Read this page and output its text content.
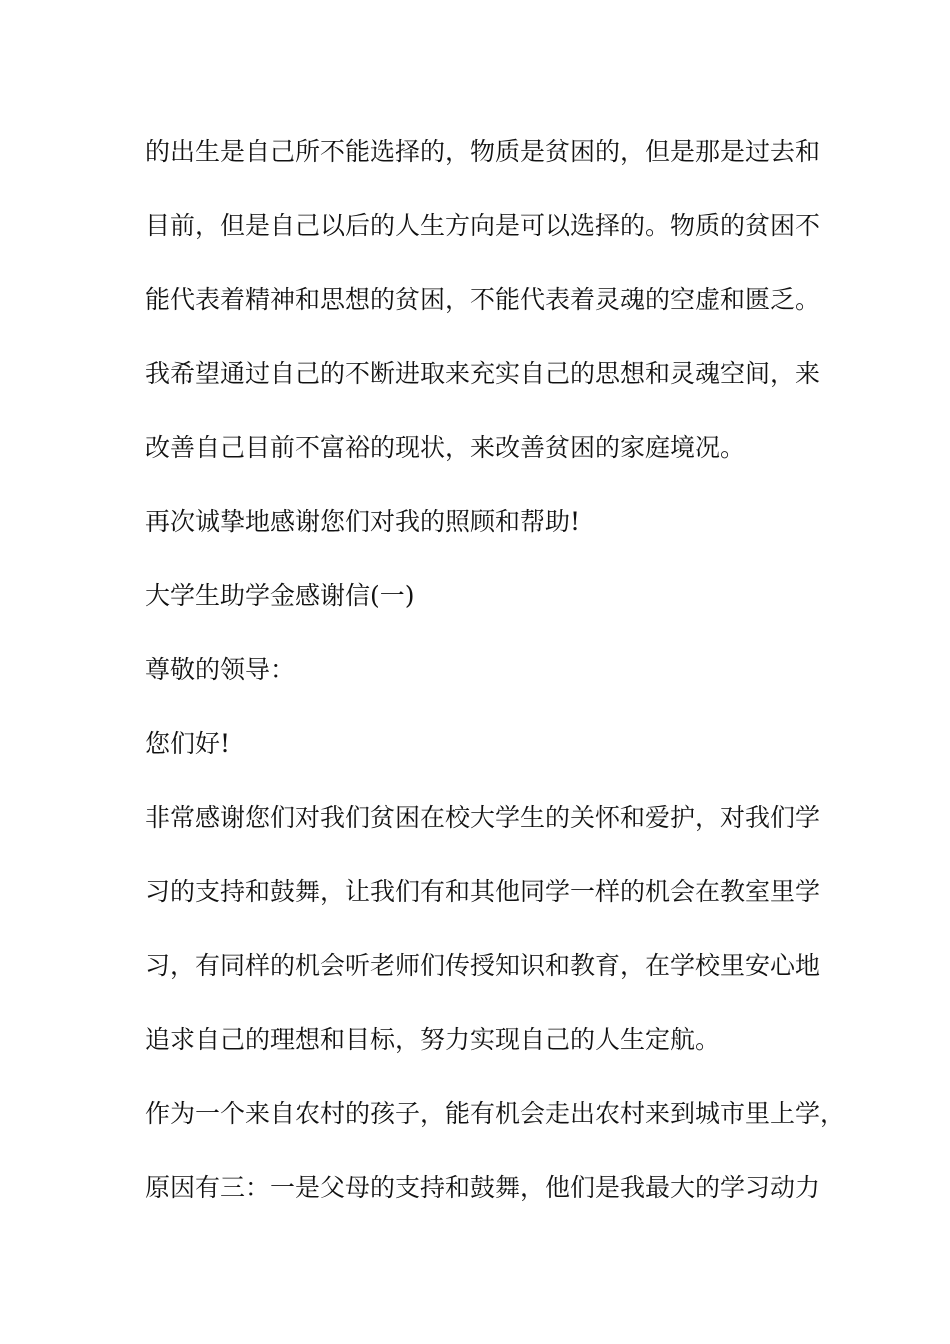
的出生是自己所不能选择的，物质是贫困的，但是那是过去和
目前，但是自己以后的人生方向是可以选择的。物质的贫困不
能代表着精神和思想的贫困，不能代表着灵魂的空虚和匮乏。
我希望通过自己的不断进取来充实自己的思想和灵魂空间，来
改善自己目前不富裕的现状，来改善贫困的家庭境况。
再次诚挚地感谢您们对我的照顾和帮助!
大学生助学金感谢信(一)
尊敬的领导：
您们好!
非常感谢您们对我们贫困在校大学生的关怀和爱护，对我们学
习的支持和鼓舞，让我们有和其他同学一样的机会在教室里学
习，有同样的机会听老师们传授知识和教育，在学校里安心地
追求自己的理想和目标，努力实现自己的人生定航。
作为一个来自农村的孩子，能有机会走出农村来到城市里上学，
原因有三：一是父母的支持和鼓舞，他们是我最大的学习动力
